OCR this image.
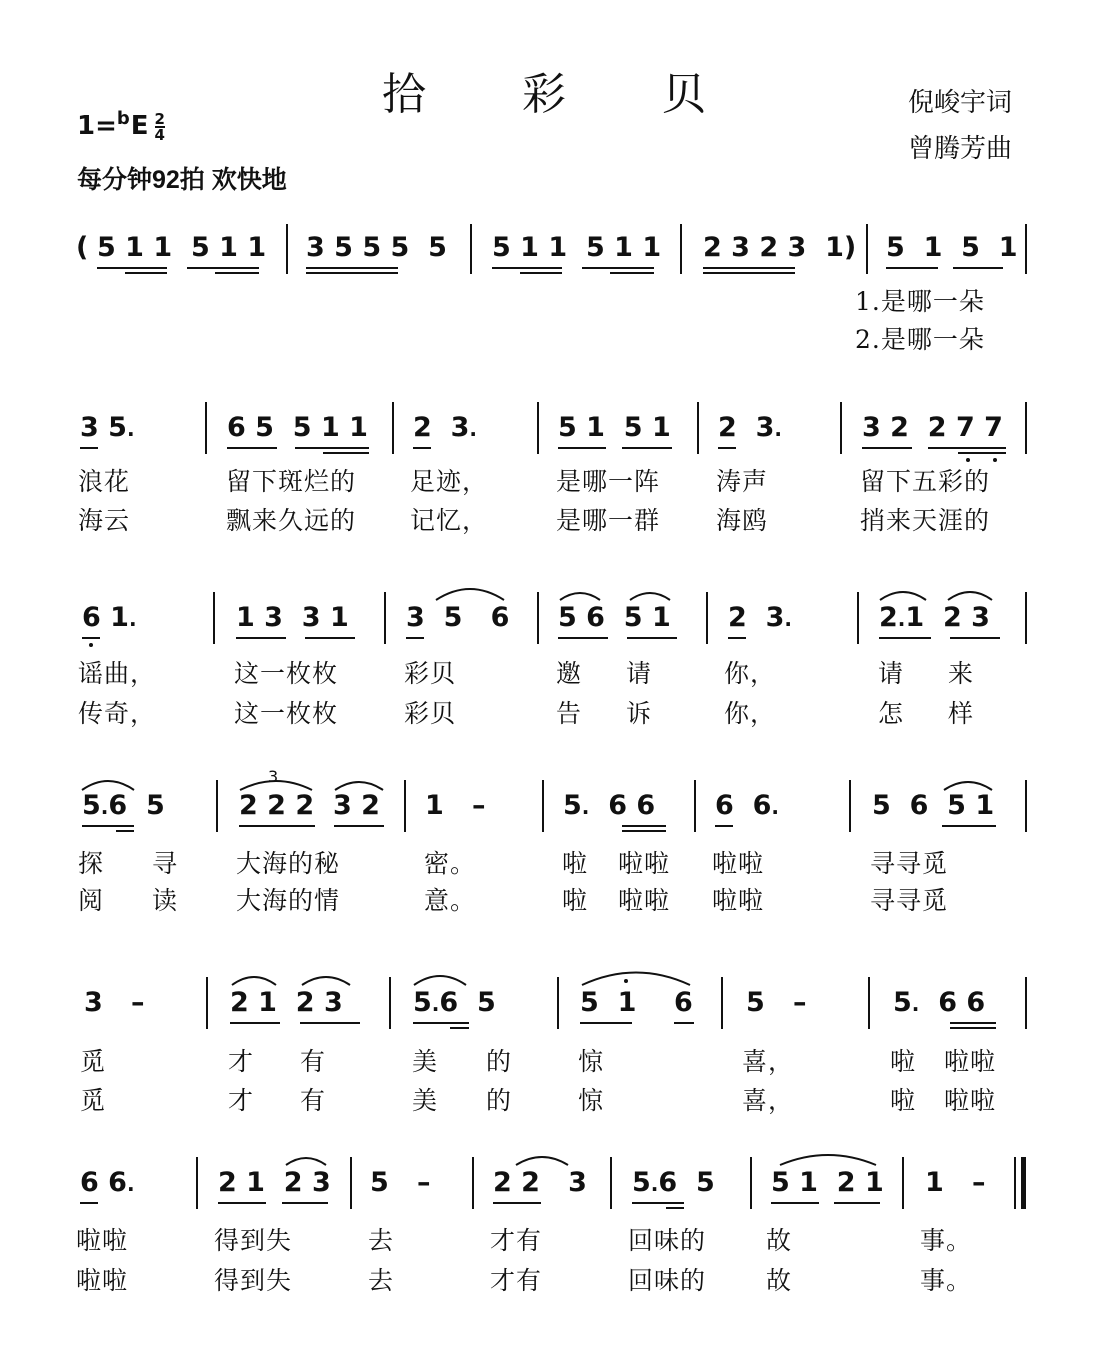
拾 彩 贝	倪峻宇词
曾腾芳曲
$1=^bE \frac{2}{4}$
每分钟92拍 欢快地
( 5 1 1  5 1 1 3 5 5 5  5 5 1 1  5 1 1 2 3 2 3  1) 5  1  5  1
1.是哪一朵
2.是哪一朵
3 5.	6 5  5 1 1 2  3.	5 1  5 1 2  3.	3 2  2 7 7
浪花	留下斑烂的 足迹，	是哪一阵 涛声	留下五彩的
海云	飘来久远的 记忆，	是哪一群 海鸥	捎来天涯的
6 1.	1 3  3 1 3  5   6 5 6  5 1 2  3.	2.1  2 3
谣曲，	这一枚枚	彩贝	邀 请	你，	请 来
传奇，	这一枚枚	彩贝	告 诉	你，	怎 样
5.6  5	2 2 2  3 2 1   –	5.  6 6 6  6.	5  6  5 1
探 寻 大海的秘	密。	啦 啦啦 啦啦	寻寻觅
阅 读 大海的情	意。	啦 啦啦 啦啦	寻寻觅
3   –	2 1  2 3	5.6  5	5  1    6 5   –	5.  6 6
觅	才 有	美 的	惊	喜，	啦 啦啦
觅	才 有	美 的	惊	喜，	啦 啦啦
6 6.	2 1  2 3 5   – 2 2   3 5.6  5 5 1  2 1 1   –
啦啦	得到失	去	才有	回味的 故	事。
啦啦	得到失	去	才有	回味的 故	事。
3
